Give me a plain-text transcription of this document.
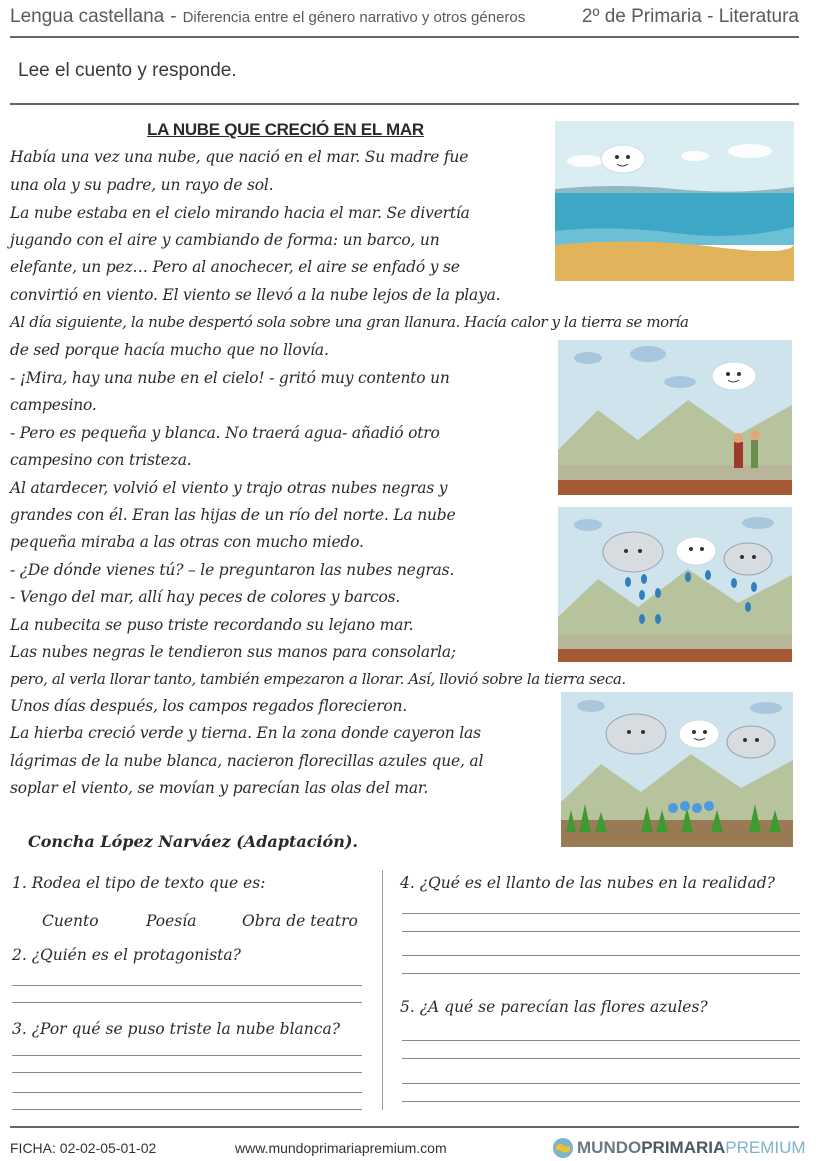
Lengua castellana - Diferencia entre el género narrativo y otros géneros	2º de Primaria - Literatura
Lee el cuento y responde.
LA NUBE QUE CRECIÓ EN EL MAR
Había una vez una nube, que nació en el mar. Su madre fue
una ola y su padre, un rayo de sol.
La nube estaba en el cielo mirando hacia el mar. Se divertía
jugando con el aire y cambiando de forma: un barco, un
elefante, un pez… Pero al anochecer, el aire se enfadó y se
convirtió en viento. El viento se llevó a la nube lejos de la playa.
Al día siguiente, la nube despertó sola sobre una gran llanura. Hacía calor y la tierra se moría
de sed porque hacía mucho que no llovía.
- ¡Mira, hay una nube en el cielo! - gritó muy contento un
campesino.
- Pero es pequeña y blanca. No traerá agua- añadió otro
campesino con tristeza.
Al atardecer, volvió el viento y trajo otras nubes negras y
grandes con él. Eran las hijas de un río del norte. La nube
pequeña miraba a las otras con mucho miedo.
- ¿De dónde vienes tú? – le preguntaron las nubes negras.
- Vengo del mar, allí hay peces de colores y barcos.
La nubecita se puso triste recordando su lejano mar.
Las nubes negras le tendieron sus manos para consolarla;
pero, al verla llorar tanto, también empezaron a llorar. Así, llovió sobre la tierra seca.
Unos días después, los campos regados florecieron.
La hierba creció verde y tierna. En la zona donde cayeron las
lágrimas de la nube blanca, nacieron florecillas azules que, al
soplar el viento, se movían y parecían las olas del mar.
Concha López Narváez (Adaptación).
1. Rodea el tipo de texto que es:
Cuento	Poesía	Obra de teatro
2. ¿Quién es el protagonista?
3. ¿Por qué se puso triste la nube blanca?
4. ¿Qué es el llanto de las nubes en la realidad?
5. ¿A qué se parecían las flores azules?
FICHA: 02-02-05-01-02	www.mundoprimariapremium.com	MUNDO PRIMARIA PREMIUM
